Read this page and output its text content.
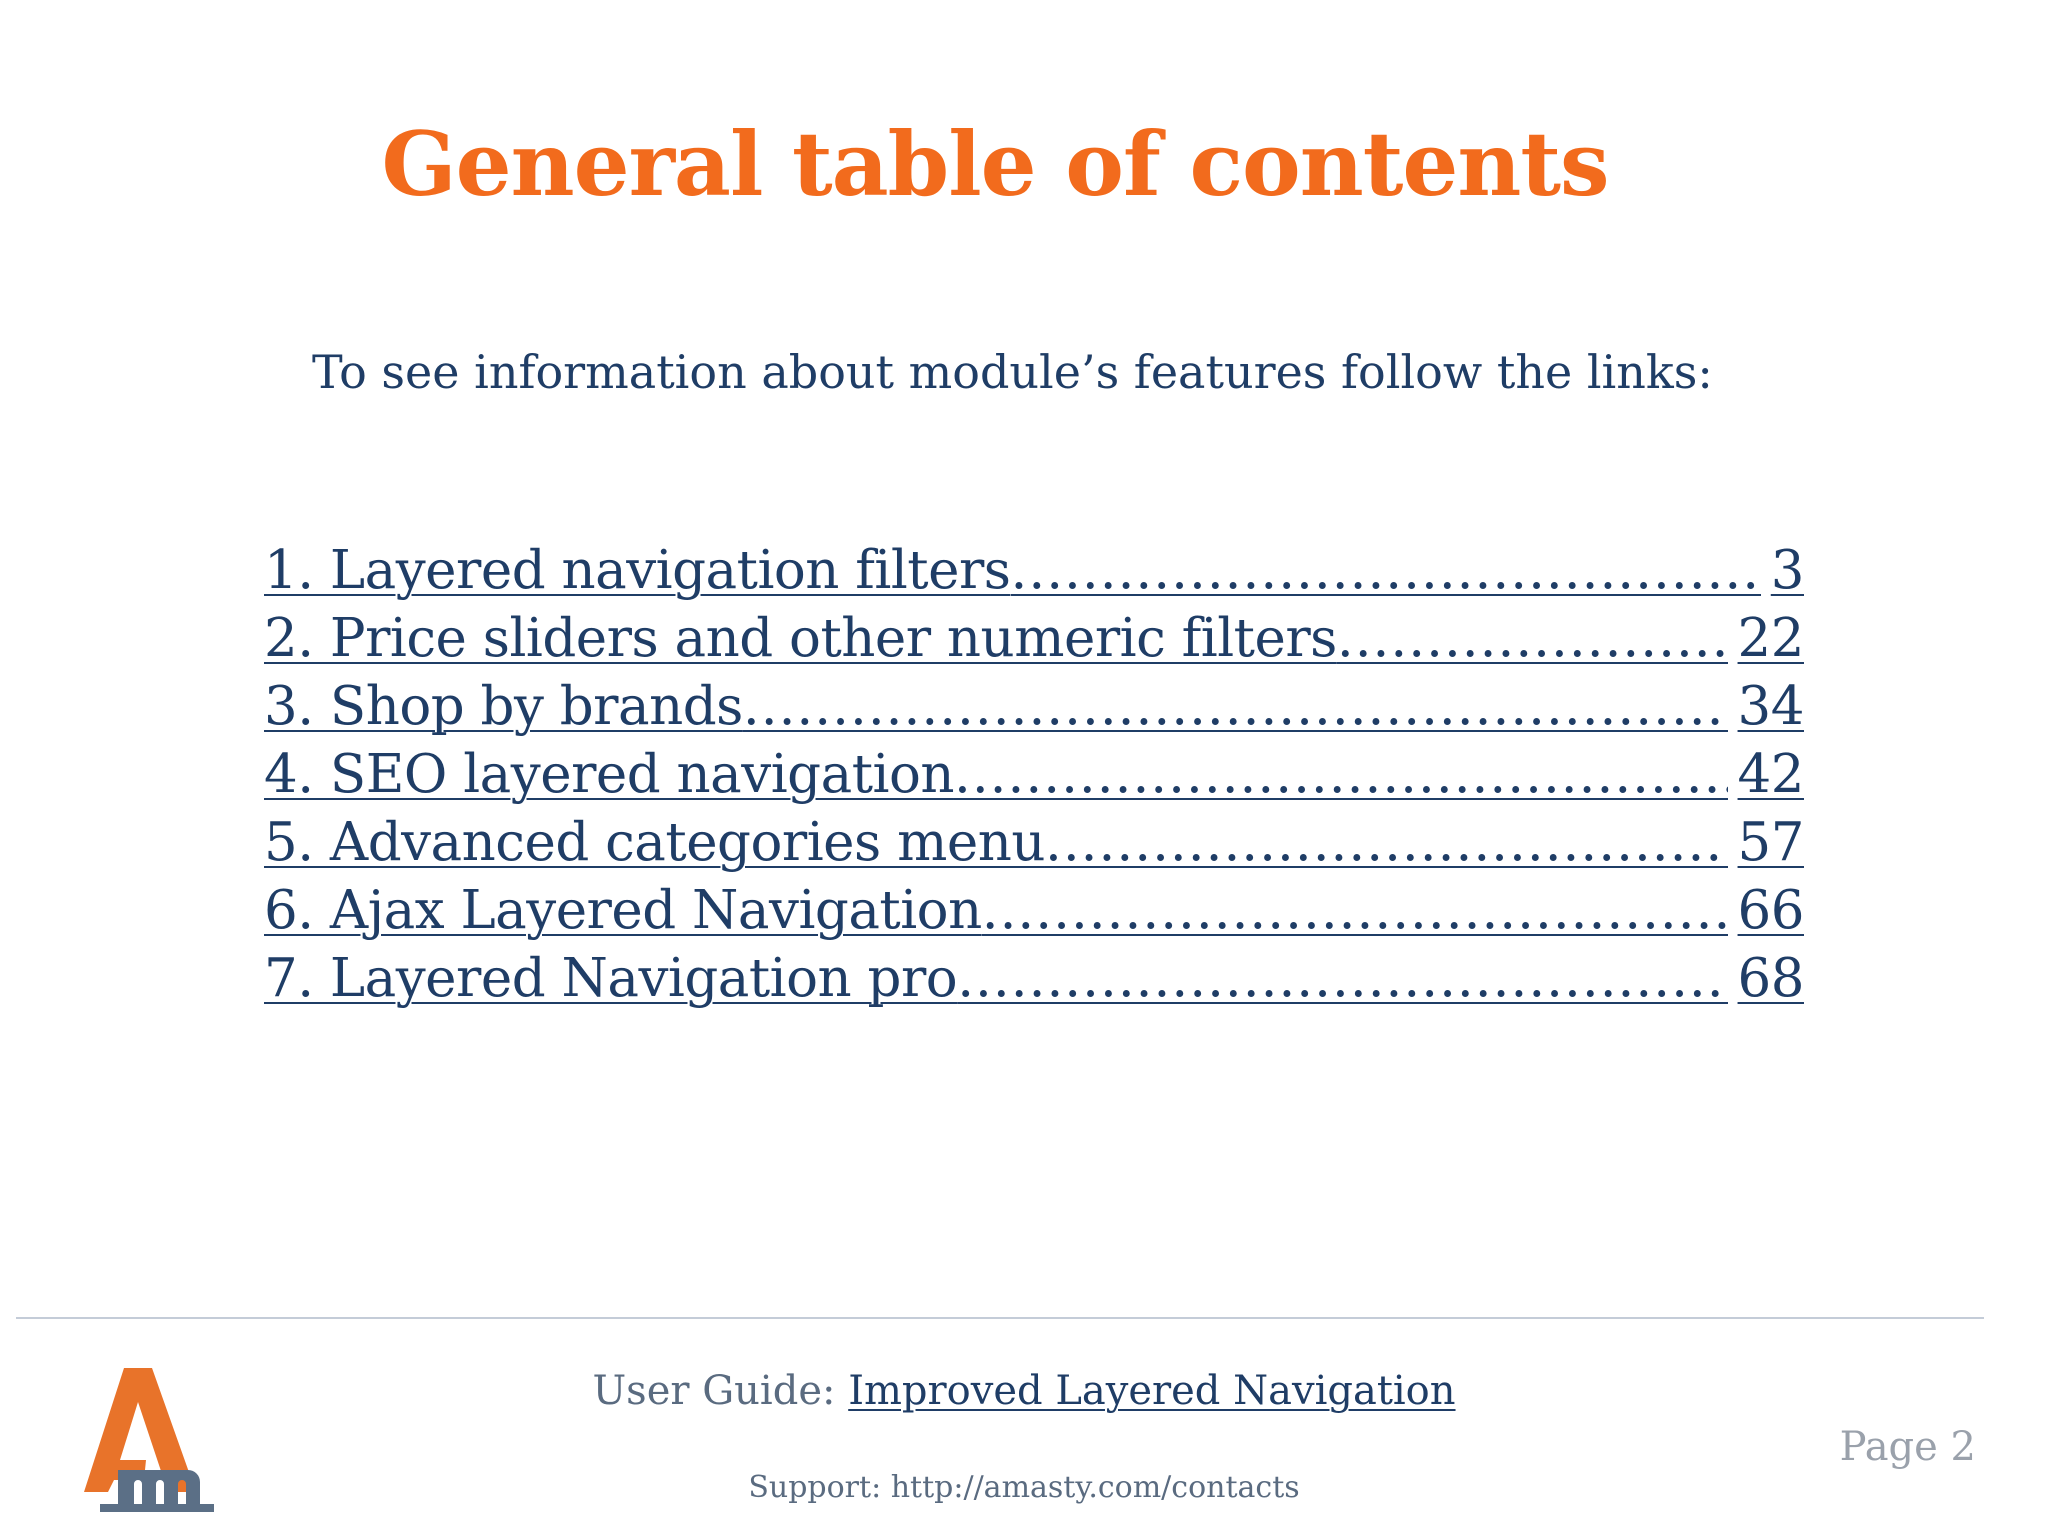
General table of contents

To see information about module’s features follow the links:

1. Layered navigation filters .....	3
2. Price sliders and other numeric filters .....	22
3. Shop by brands .....	34
4. SEO layered navigation .....	42
5. Advanced categories menu .....	57
6. Ajax Layered Navigation .....	66
7. Layered Navigation pro .....	68
User Guide: Improved Layered Navigation
Support: http://amasty.com/contacts
Page 2
